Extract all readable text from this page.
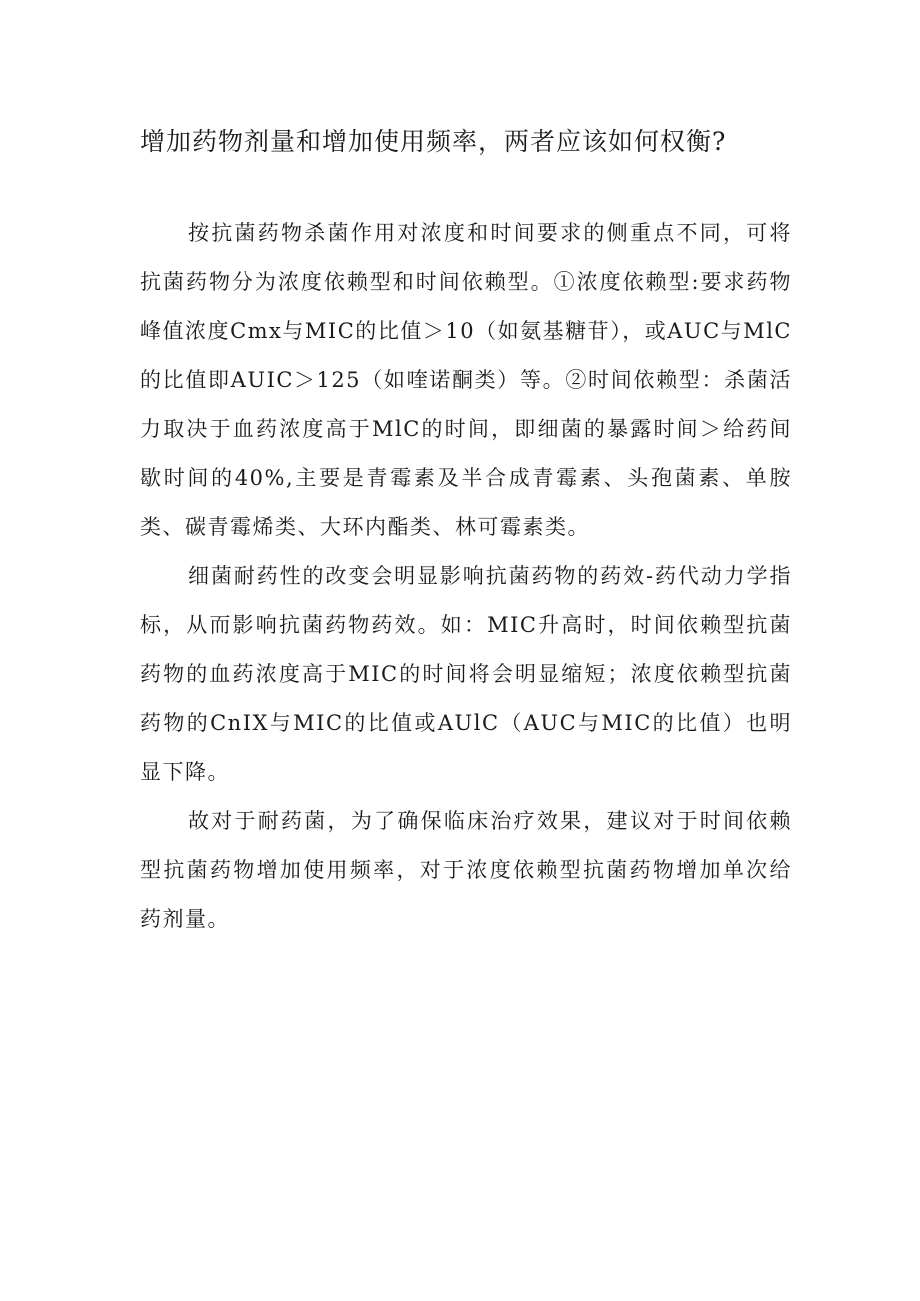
增加药物剂量和增加使用频率，两者应该如何权衡?

按抗菌药物杀菌作用对浓度和时间要求的侧重点不同，可将抗菌药物分为浓度依赖型和时间依赖型。①浓度依赖型:要求药物峰值浓度Cmx与MIC的比值＞10（如氨基糖苷），或AUC与MlC的比值即AUIC＞125（如喹诺酮类）等。②时间依赖型：杀菌活力取决于血药浓度高于MlC的时间，即细菌的暴露时间＞给药间歇时间的40%,主要是青霉素及半合成青霉素、头孢菌素、单胺类、碳青霉烯类、大环内酯类、林可霉素类。

细菌耐药性的改变会明显影响抗菌药物的药效-药代动力学指标，从而影响抗菌药物药效。如：MIC升高时，时间依赖型抗菌药物的血药浓度高于MIC的时间将会明显缩短；浓度依赖型抗菌药物的CnIX与MIC的比值或AUlC（AUC与MIC的比值）也明显下降。

故对于耐药菌，为了确保临床治疗效果，建议对于时间依赖型抗菌药物增加使用频率，对于浓度依赖型抗菌药物增加单次给药剂量。
